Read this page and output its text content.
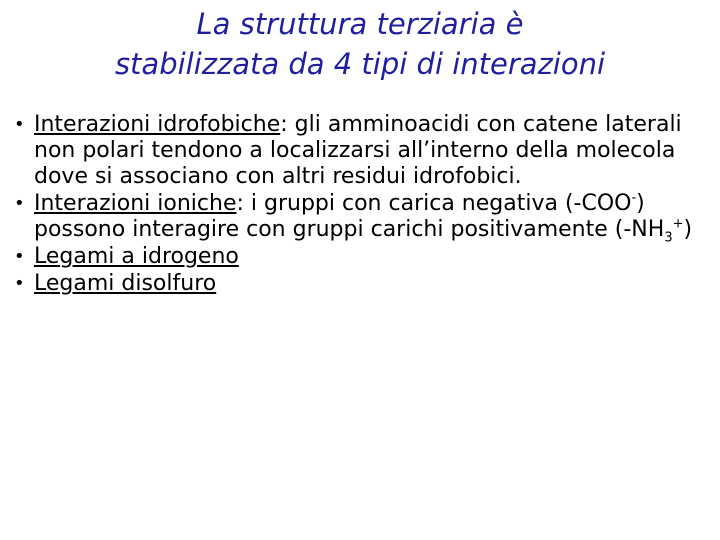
La struttura terziaria è
stabilizzata da 4 tipi di interazioni
• Interazioni idrofobiche: gli amminoacidi con catene laterali non polari tendono a localizzarsi all’interno della molecola dove si associano con altri residui idrofobici.
• Interazioni ioniche: i gruppi con carica negativa (-COO-) possono interagire con gruppi carichi positivamente $(-NH_3^+)$
• Legami a idrogeno
• Legami disolfuro
